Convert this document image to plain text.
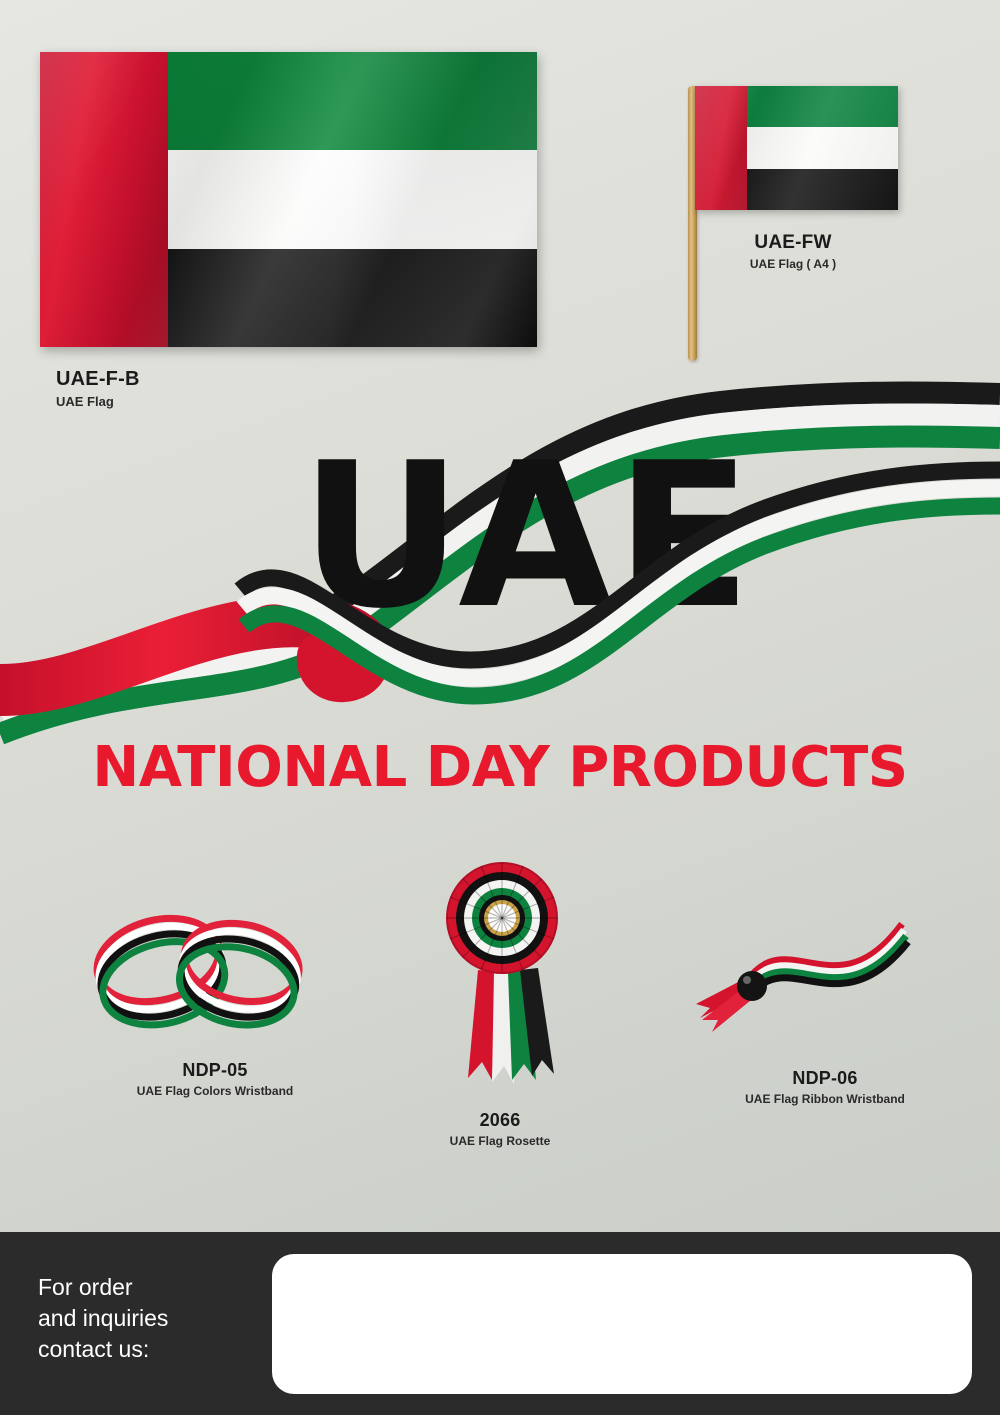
UAE-F-B
UAE Flag
UAE-FW
UAE Flag ( A4 )
UAE
NATIONAL DAY PRODUCTS
NDP-05
UAE Flag Colors Wristband
2066
UAE Flag Rosette
NDP-06
UAE Flag Ribbon Wristband
For order
and inquiries
contact us:
